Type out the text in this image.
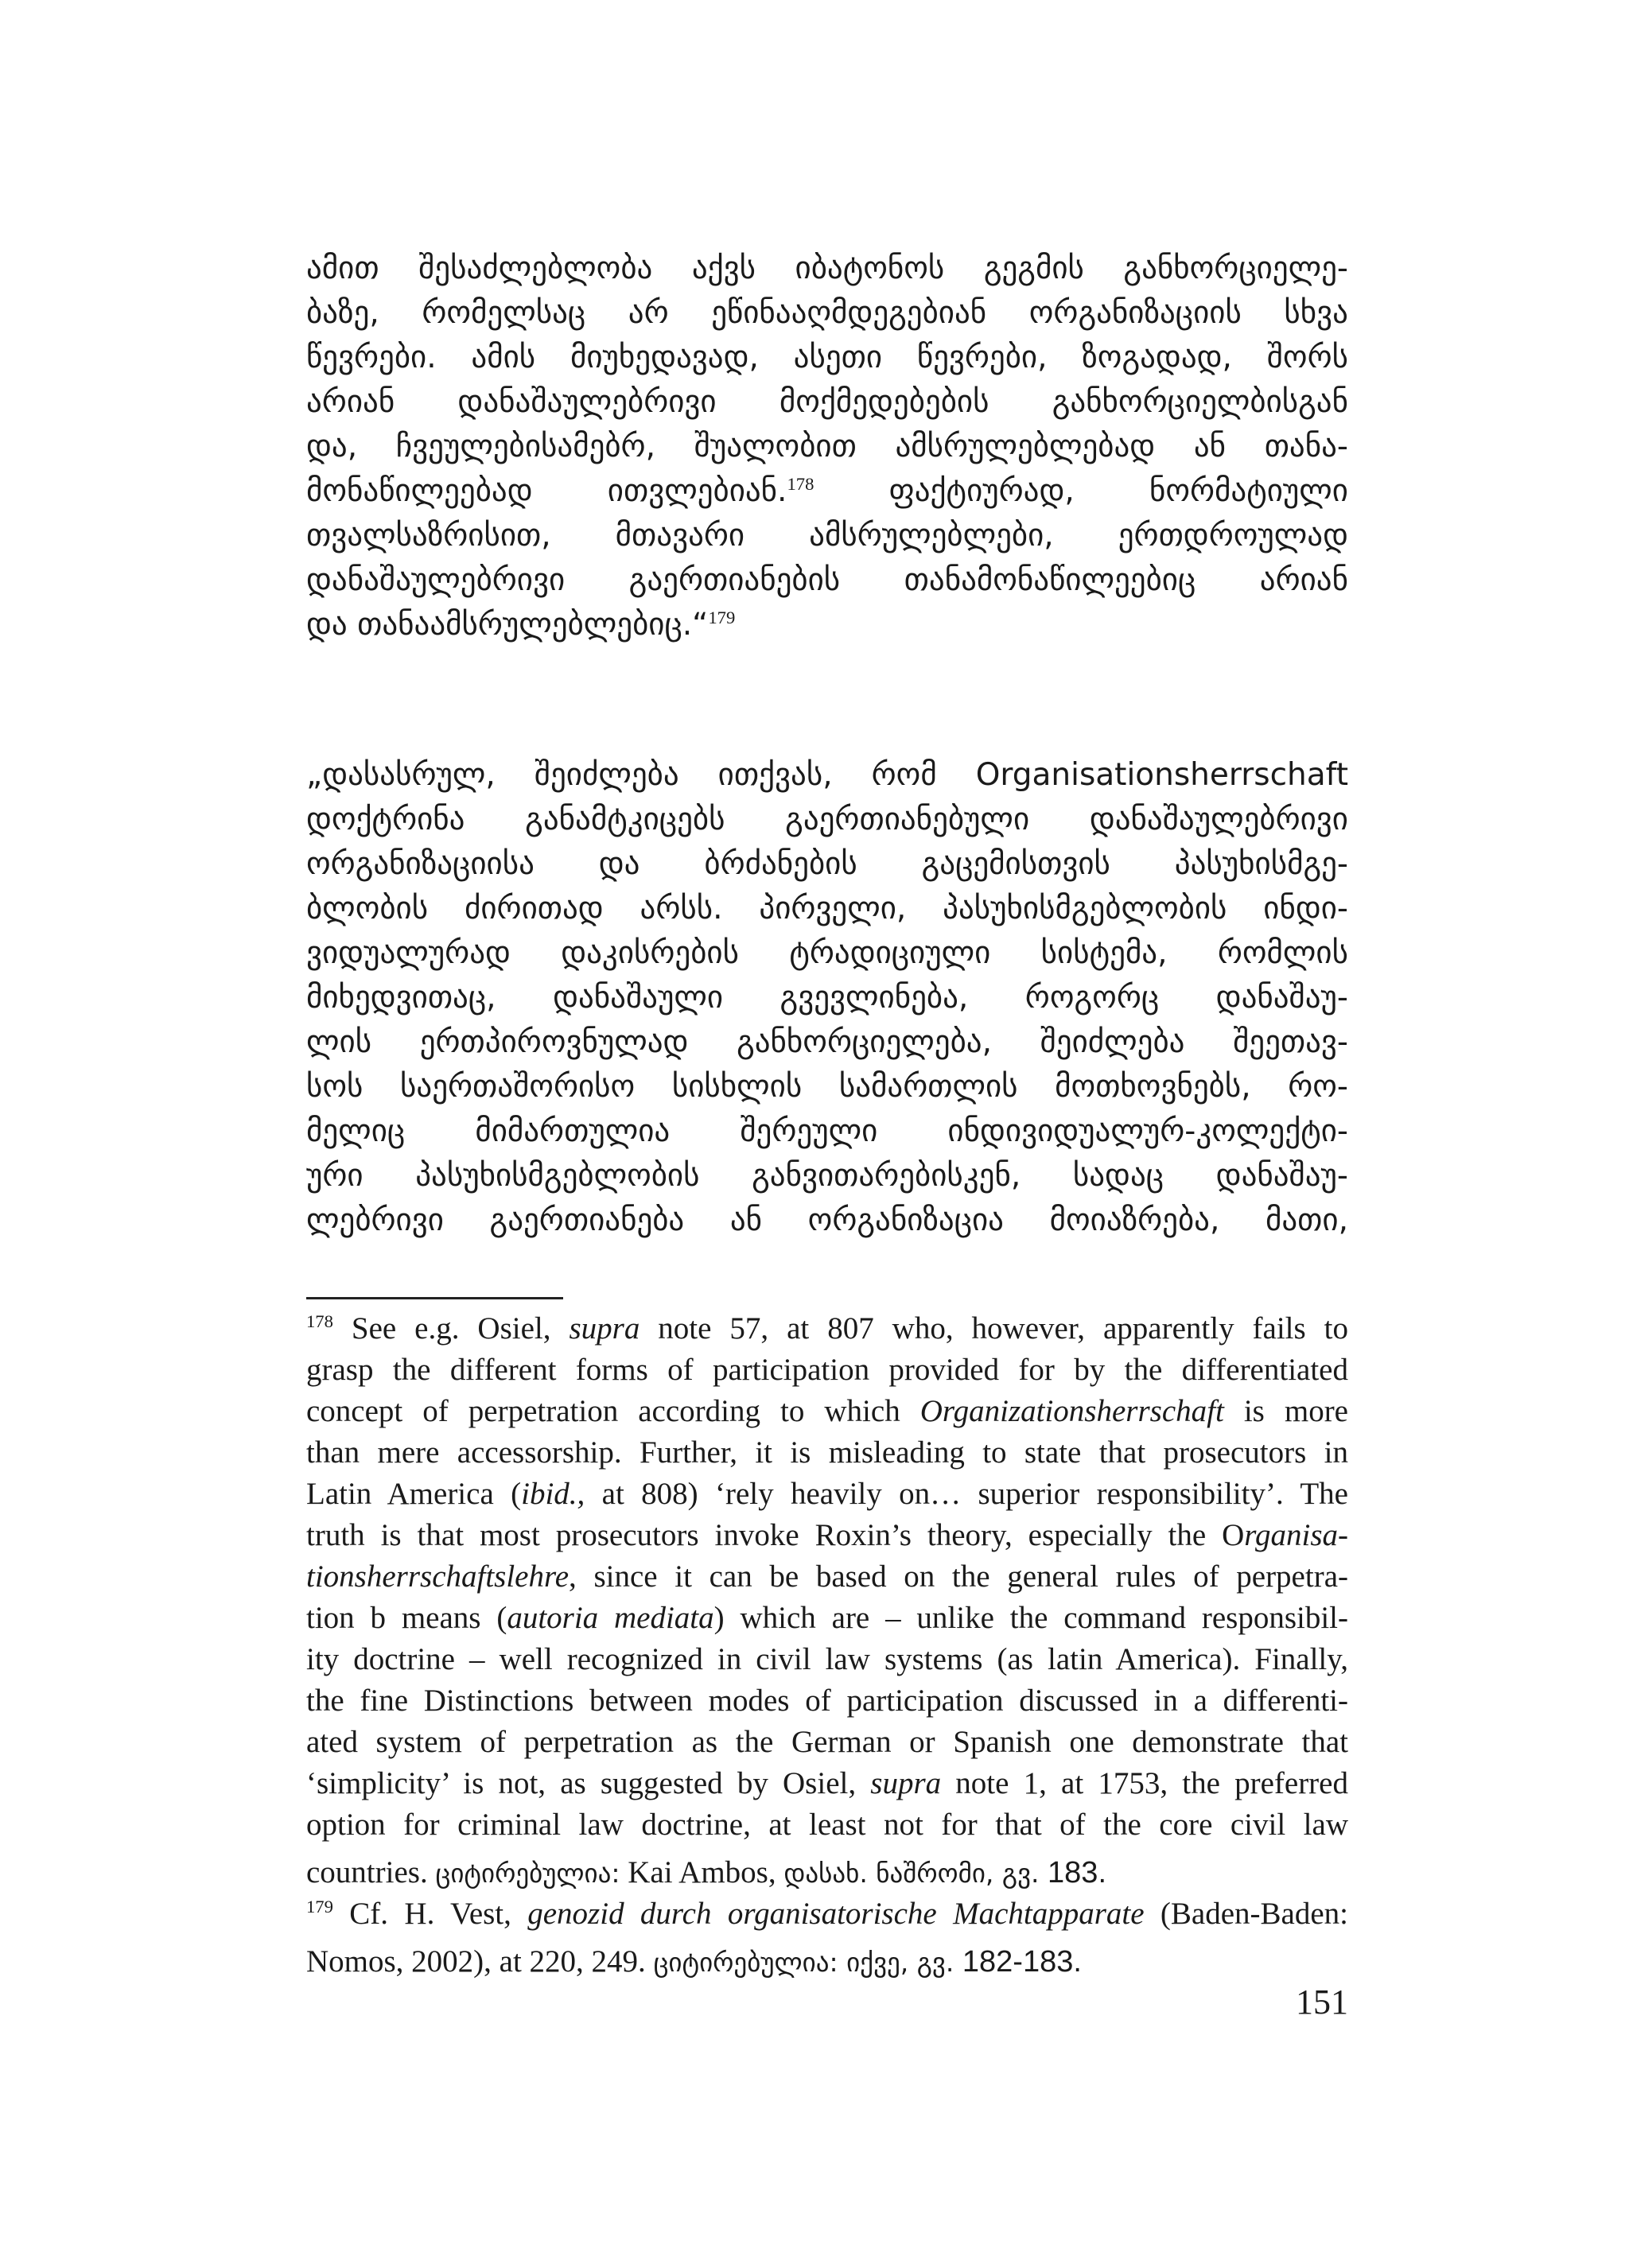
ამით შესაძლებლობა აქვს იბატონოს გეგმის განხორციელე-
ბაზე, რომელსაც არ ეწინააღმდეგებიან ორგანიზაციის სხვა
წევრები. ამის მიუხედავად, ასეთი წევრები, ზოგადად, შორს
არიან დანაშაულებრივი მოქმედებების განხორციელბისგან
და, ჩვეულებისამებრ, შუალობით ამსრულებლებად ან თანა-
მონაწილეებად ითვლებიან.$^{178}$ ფაქტიურად, ნორმატიული
თვალსაზრისით, მთავარი ამსრულებლები, ერთდროულად
დანაშაულებრივი გაერთიანების თანამონაწილეებიც არიან
და თანაამსრულებლებიც.“$^{179}$
„დასასრულ, შეიძლება ითქვას, რომ Organisationsherrschaft
დოქტრინა განამტკიცებს გაერთიანებული დანაშაულებრივი
ორგანიზაციისა და ბრძანების გაცემისთვის პასუხისმგე-
ბლობის ძირითად არსს. პირველი, პასუხისმგებლობის ინდი-
ვიდუალურად დაკისრების ტრადიციული სისტემა, რომლის
მიხედვითაც, დანაშაული გვევლინება, როგორც დანაშაუ-
ლის ერთპიროვნულად განხორციელება, შეიძლება შეეთავ-
სოს საერთაშორისო სისხლის სამართლის მოთხოვნებს, რო-
მელიც მიმართულია შერეული ინდივიდუალურ-კოლექტი-
ური პასუხისმგებლობის განვითარებისკენ, სადაც დანაშაუ-
ლებრივი გაერთიანება ან ორგანიზაცია მოიაზრება, მათი,
$^{178}$ See e.g. Osiel, supra note 57, at 807 who, however, apparently fails to
grasp the different forms of participation provided for by the differentiated
concept of perpetration according to which Organizationsherrschaft is more
than mere accessorship. Further, it is misleading to state that prosecutors in
Latin America (ibid., at 808) ‘rely heavily on… superior responsibility’. The
truth is that most prosecutors invoke Roxin’s theory, especially the Organisa-
tionsherrschaftslehre, since it can be based on the general rules of perpetra-
tion b means (autoria mediata) which are – unlike the command responsibil-
ity doctrine – well recognized in civil law systems (as latin America). Finally,
the fine Distinctions between modes of participation discussed in a differenti-
ated system of perpetration as the German or Spanish one demonstrate that
‘simplicity’ is not, as suggested by Osiel, supra note 1, at 1753, the preferred
option for criminal law doctrine, at least not for that of the core civil law
countries. ციტირებულია: Kai Ambos, დასახ. ნაშრომი, გვ. 183.
$^{179}$ Cf. H. Vest, genozid durch organisatorische Machtapparate (Baden-Baden:
Nomos, 2002), at 220, 249. ციტირებულია: იქვე, გვ. 182-183.
151
